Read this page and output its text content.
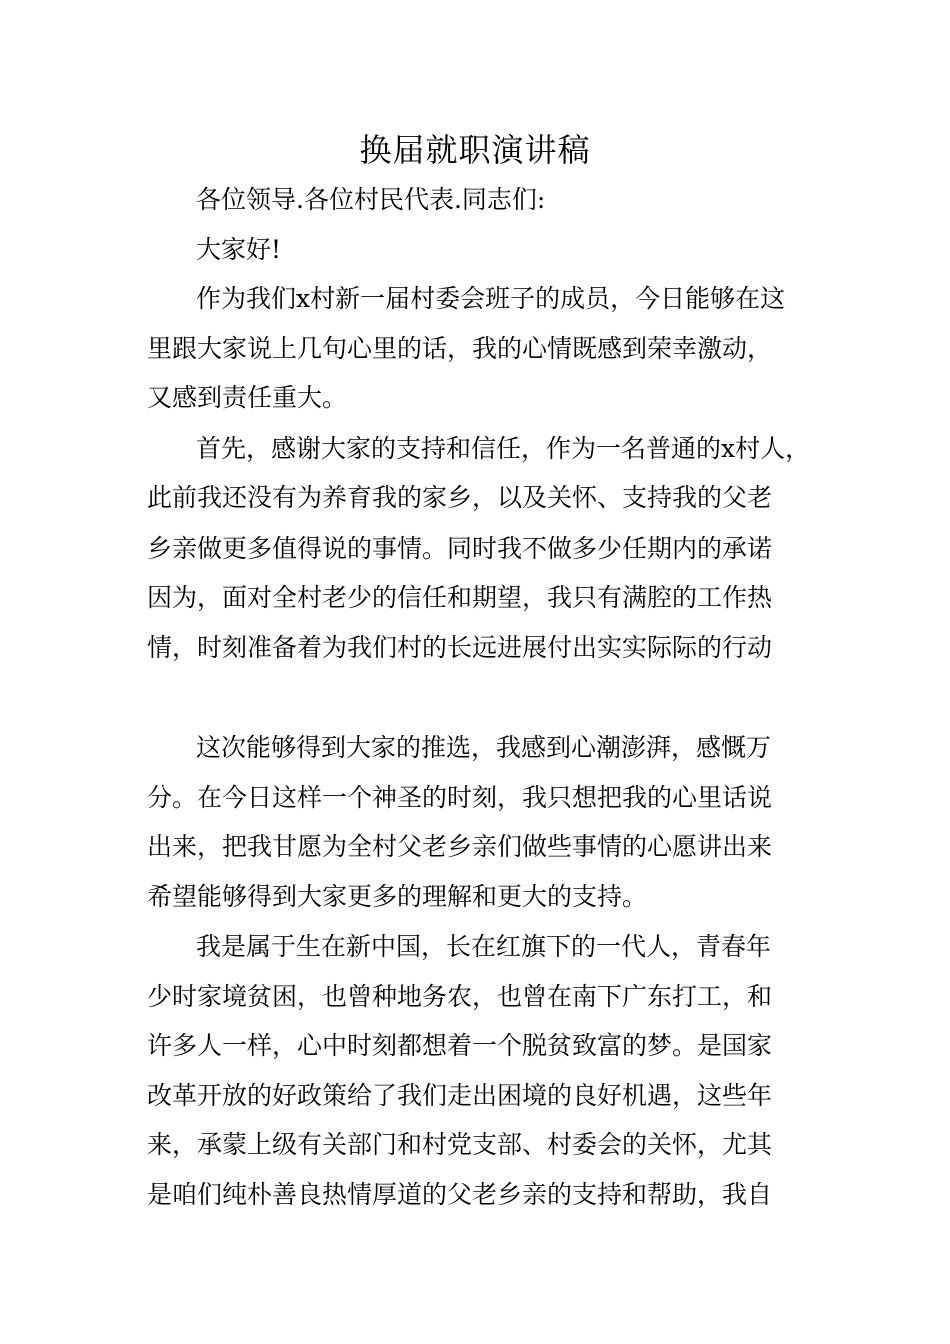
换届就职演讲稿

各位领导.各位村民代表.同志们:

大家好!

作为我们x村新一届村委会班子的成员，今日能够在这

里跟大家说上几句心里的话，我的心情既感到荣幸激动，

又感到责任重大。

首先，感谢大家的支持和信任，作为一名普通的x村人，

此前我还没有为养育我的家乡，以及关怀、支持我的父老

乡亲做更多值得说的事情。同时我不做多少任期内的承诺

因为，面对全村老少的信任和期望，我只有满腔的工作热

情，时刻准备着为我们村的长远进展付出实实际际的行动

这次能够得到大家的推选，我感到心潮澎湃，感慨万

分。在今日这样一个神圣的时刻，我只想把我的心里话说

出来，把我甘愿为全村父老乡亲们做些事情的心愿讲出来

希望能够得到大家更多的理解和更大的支持。

我是属于生在新中国，长在红旗下的一代人，青春年

少时家境贫困，也曾种地务农，也曾在南下广东打工，和

许多人一样，心中时刻都想着一个脱贫致富的梦。是国家

改革开放的好政策给了我们走出困境的良好机遇，这些年

来，承蒙上级有关部门和村党支部、村委会的关怀，尤其

是咱们纯朴善良热情厚道的父老乡亲的支持和帮助，我自
